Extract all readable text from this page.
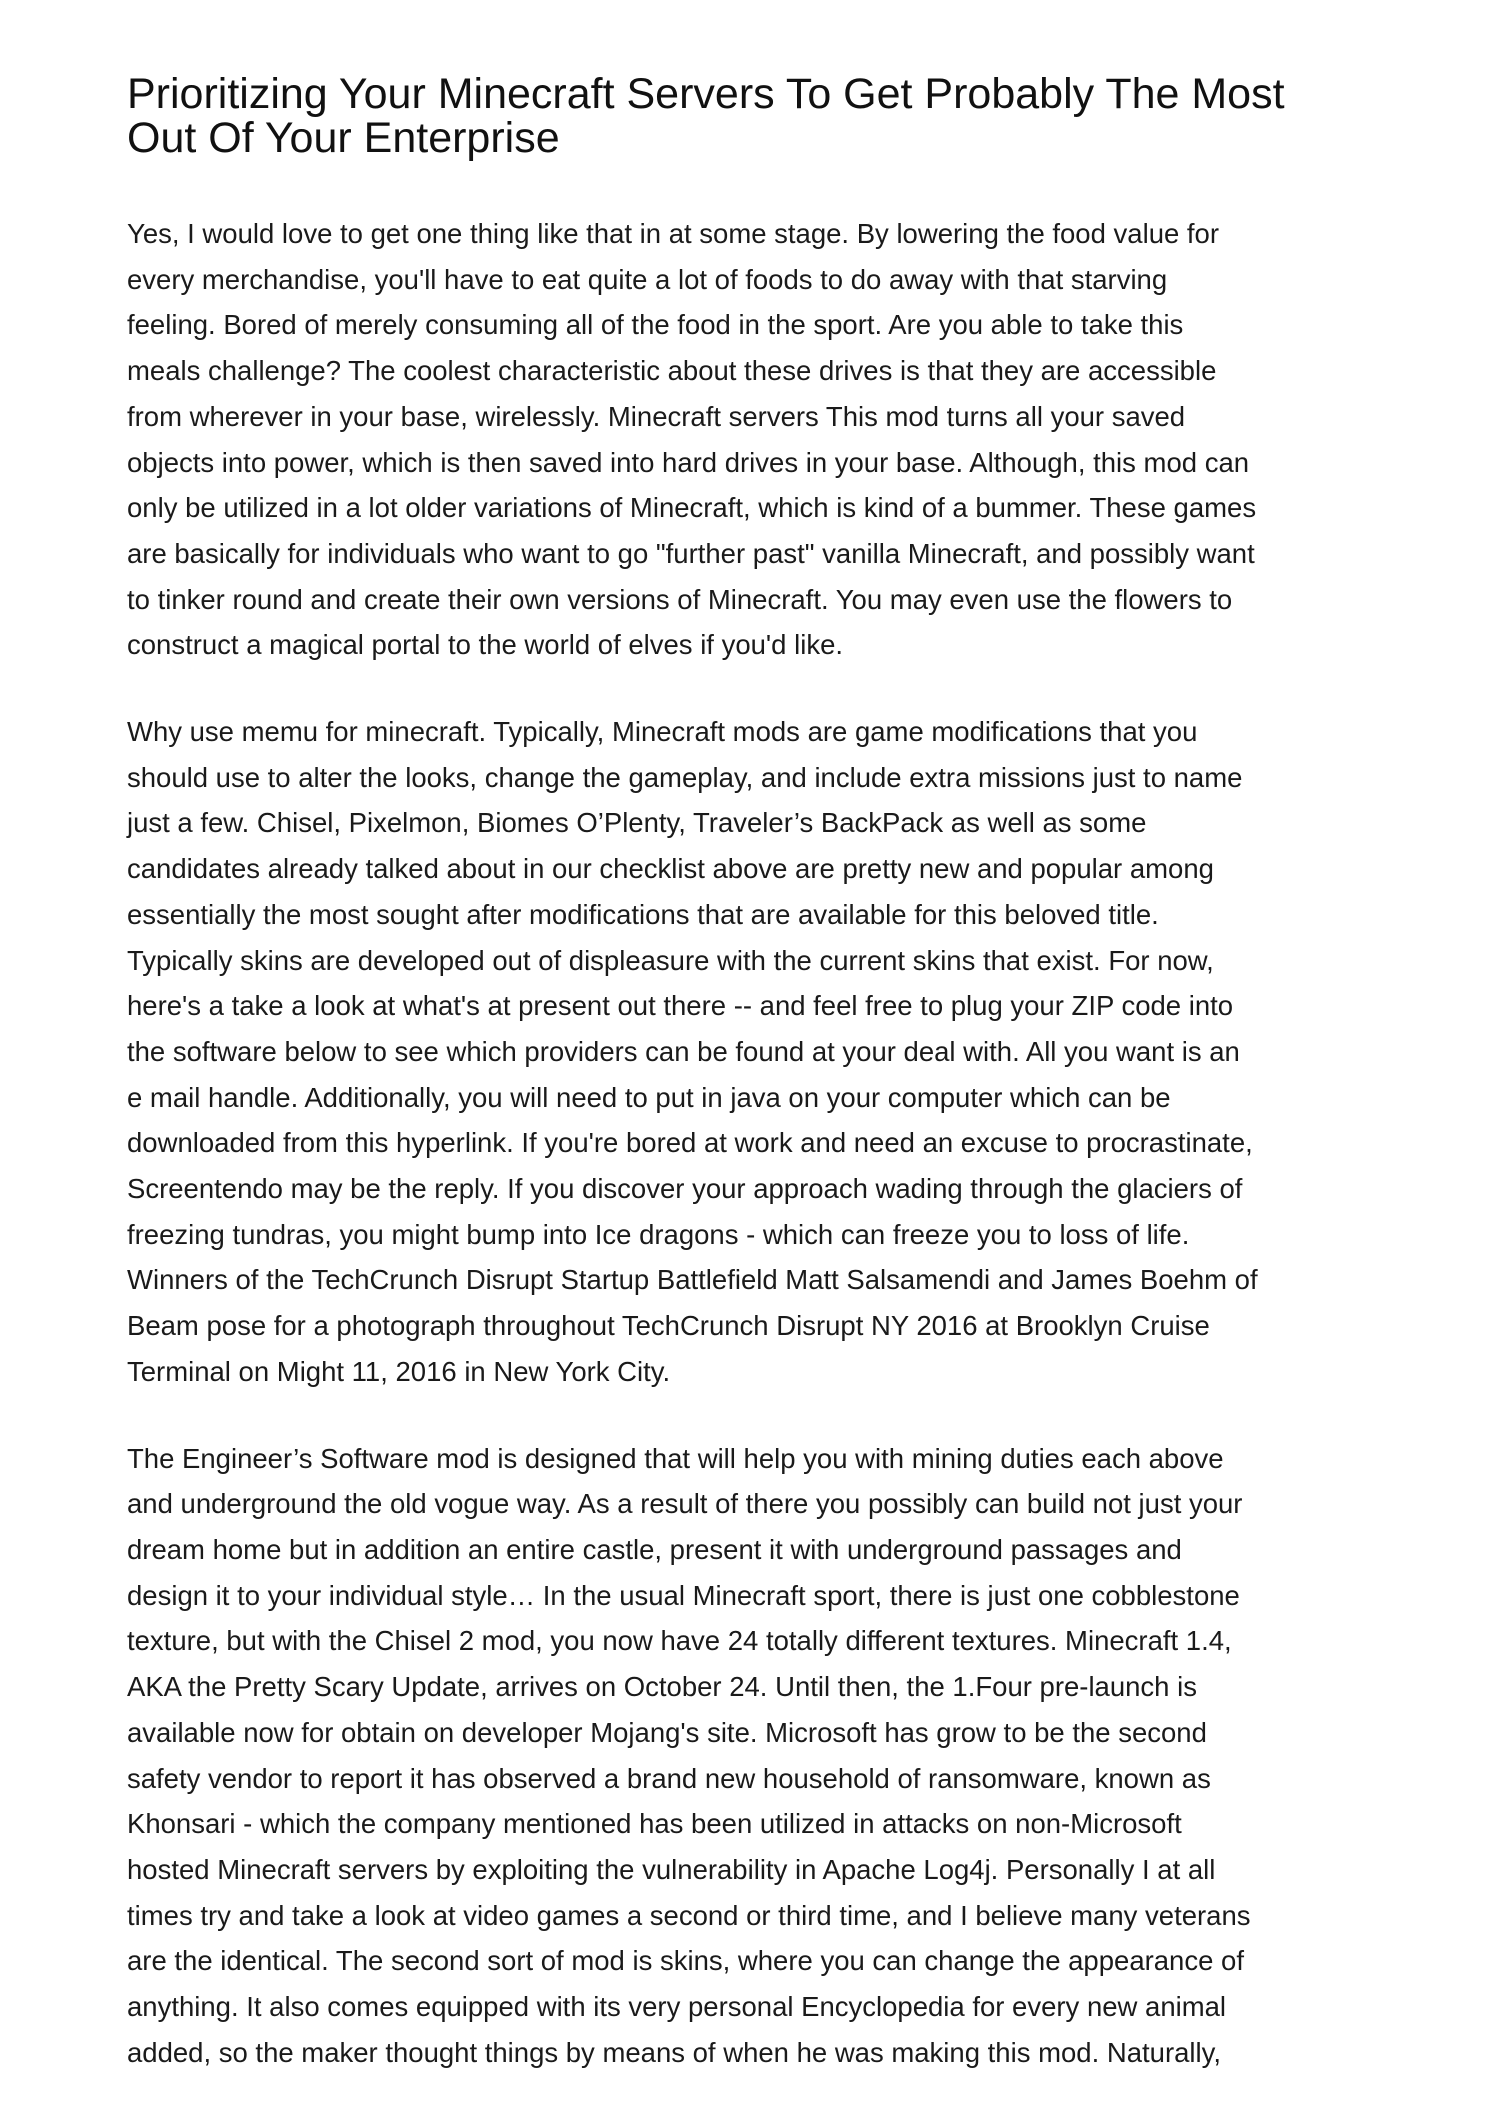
Prioritizing Your Minecraft Servers To Get Probably The Most
Out Of Your Enterprise

Yes, I would love to get one thing like that in at some stage. By lowering the food value for
every merchandise, you'll have to eat quite a lot of foods to do away with that starving
feeling. Bored of merely consuming all of the food in the sport. Are you able to take this
meals challenge? The coolest characteristic about these drives is that they are accessible
from wherever in your base, wirelessly. Minecraft servers This mod turns all your saved
objects into power, which is then saved into hard drives in your base. Although, this mod can
only be utilized in a lot older variations of Minecraft, which is kind of a bummer. These games
are basically for individuals who want to go "further past" vanilla Minecraft, and possibly want
to tinker round and create their own versions of Minecraft. You may even use the flowers to
construct a magical portal to the world of elves if you'd like.

Why use memu for minecraft. Typically, Minecraft mods are game modifications that you
should use to alter the looks, change the gameplay, and include extra missions just to name
just a few. Chisel, Pixelmon, Biomes O’Plenty, Traveler’s BackPack as well as some
candidates already talked about in our checklist above are pretty new and popular among
essentially the most sought after modifications that are available for this beloved title.
Typically skins are developed out of displeasure with the current skins that exist. For now,
here's a take a look at what's at present out there -- and feel free to plug your ZIP code into
the software below to see which providers can be found at your deal with. All you want is an
e mail handle. Additionally, you will need to put in java on your computer which can be
downloaded from this hyperlink. If you're bored at work and need an excuse to procrastinate,
Screentendo may be the reply. If you discover your approach wading through the glaciers of
freezing tundras, you might bump into Ice dragons - which can freeze you to loss of life.
Winners of the TechCrunch Disrupt Startup Battlefield Matt Salsamendi and James Boehm of
Beam pose for a photograph throughout TechCrunch Disrupt NY 2016 at Brooklyn Cruise
Terminal on Might 11, 2016 in New York City.

The Engineer’s Software mod is designed that will help you with mining duties each above
and underground the old vogue way. As a result of there you possibly can build not just your
dream home but in addition an entire castle, present it with underground passages and
design it to your individual style… In the usual Minecraft sport, there is just one cobblestone
texture, but with the Chisel 2 mod, you now have 24 totally different textures. Minecraft 1.4,
AKA the Pretty Scary Update, arrives on October 24. Until then, the 1.Four pre-launch is
available now for obtain on developer Mojang's site. Microsoft has grow to be the second
safety vendor to report it has observed a brand new household of ransomware, known as
Khonsari - which the company mentioned has been utilized in attacks on non-Microsoft
hosted Minecraft servers by exploiting the vulnerability in Apache Log4j. Personally I at all
times try and take a look at video games a second or third time, and I believe many veterans
are the identical. The second sort of mod is skins, where you can change the appearance of
anything. It also comes equipped with its very personal Encyclopedia for every new animal
added, so the maker thought things by means of when he was making this mod. Naturally,
